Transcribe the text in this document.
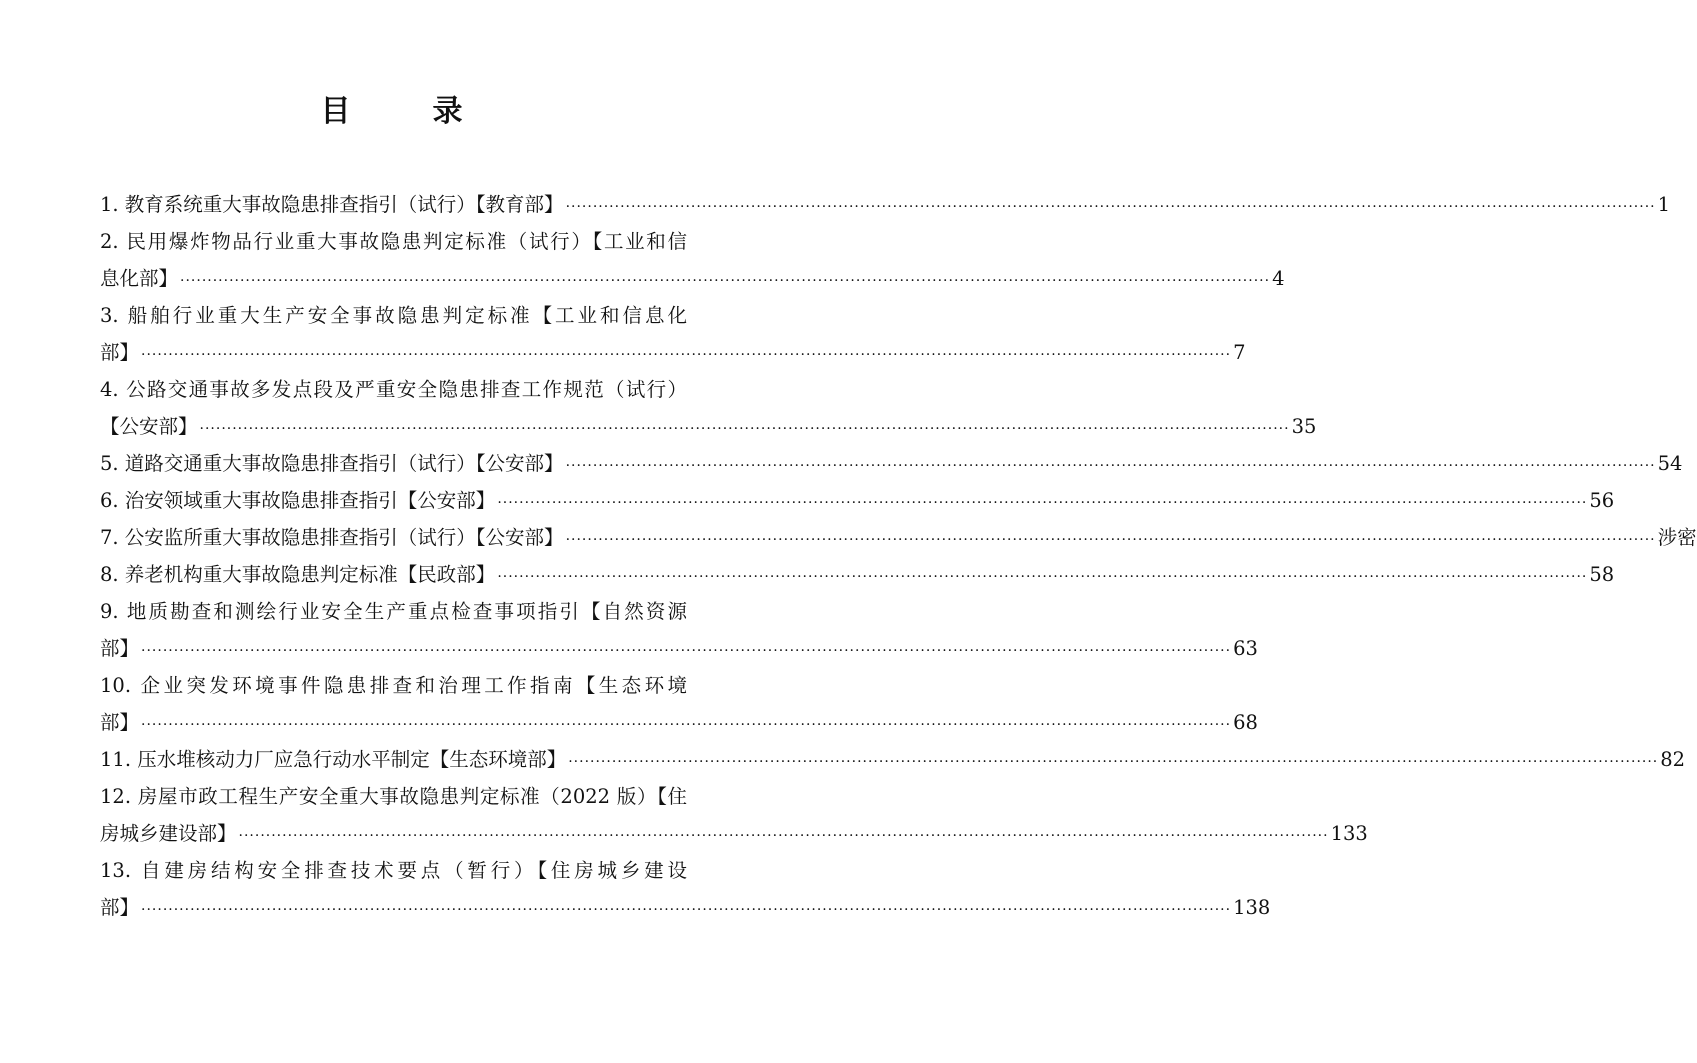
目　录
1. 教育系统重大事故隐患排查指引（试行）【教育部】 ········································································································································································································ 1
2. 民用爆炸物品行业重大事故隐患判定标准（试行）【工业和信
息化部】 ········································································································································································································ 4
3. 船舶行业重大生产安全事故隐患判定标准【工业和信息化
部】 ········································································································································································································ 7
4. 公路交通事故多发点段及严重安全隐患排查工作规范（试行）
【公安部】 ········································································································································································································ 35
5. 道路交通重大事故隐患排查指引（试行）【公安部】 ········································································································································································································ 54
6. 治安领域重大事故隐患排查指引【公安部】 ········································································································································································································ 56
7. 公安监所重大事故隐患排查指引（试行）【公安部】 ········································································································································································································ 涉密
8. 养老机构重大事故隐患判定标准【民政部】 ········································································································································································································ 58
9. 地质勘查和测绘行业安全生产重点检查事项指引【自然资源
部】 ········································································································································································································ 63
10. 企业突发环境事件隐患排查和治理工作指南【生态环境
部】 ········································································································································································································ 68
11. 压水堆核动力厂应急行动水平制定【生态环境部】 ········································································································································································································ 82
12. 房屋市政工程生产安全重大事故隐患判定标准（2022 版）【住
房城乡建设部】 ········································································································································································································ 133
13. 自建房结构安全排查技术要点（暂行）【住房城乡建设
部】 ········································································································································································································ 138
